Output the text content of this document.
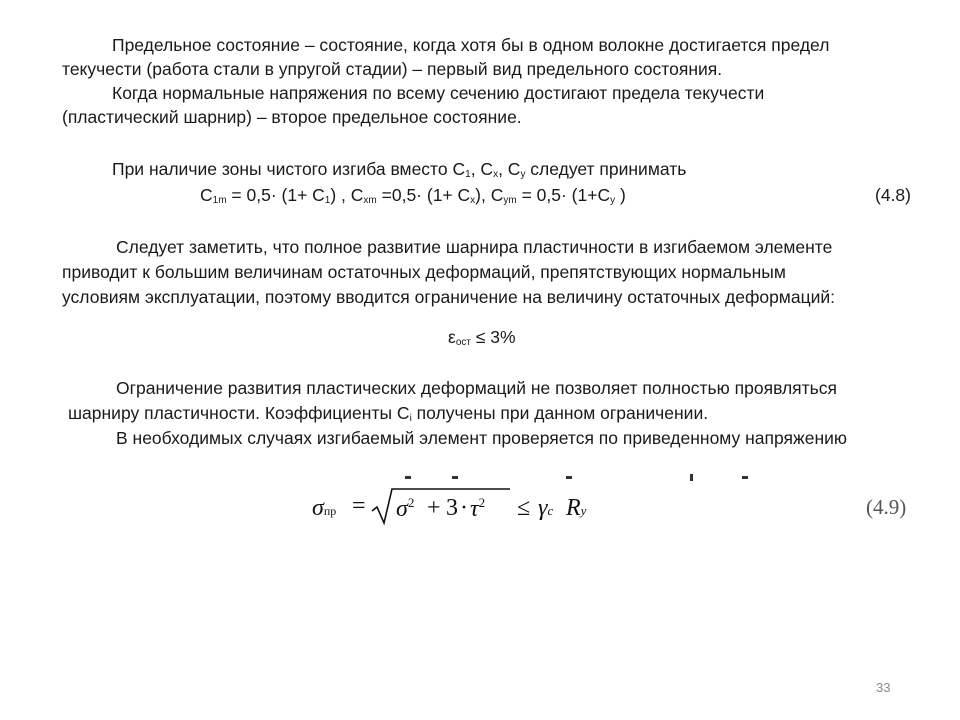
Предельное состояние – состояние, когда хотя бы в одном волокне достигается предел
текучести (работа стали в упругой стадии) – первый вид предельного состояния.
Когда нормальные напряжения по всему сечению достигают предела текучести
(пластический шарнир) – второе предельное состояние.
При наличие зоны чистого изгиба вместо $С_1$, $С_x$, $С_y$ следует принимать
$С_{1m} = 0,5\cdot (1+ С_1)$ , $С_{xm} =0,5\cdot (1+ С_x)$, $С_{ym} = 0,5\cdot (1+С_y$ )	(4.8)
Следует заметить, что полное развитие шарнира пластичности в изгибаемом элементе
приводит к большим величинам остаточных деформаций, препятствующих нормальным
условиям эксплуатации, поэтому вводится ограничение на величину остаточных деформаций:
$\varepsilon_{ост} \le 3\%$
Ограничение развития пластических деформаций не позволяет полностью проявляться
шарниру пластичности. Коэффициенты $С_i$ получены при данном ограничении.
В необходимых случаях изгибаемый элемент проверяется по приведенному напряжению
$\sigma пр = \sigma^2 + 3 \cdot \tau^2 \le \gamma c$ Ry	(4.9)
33
